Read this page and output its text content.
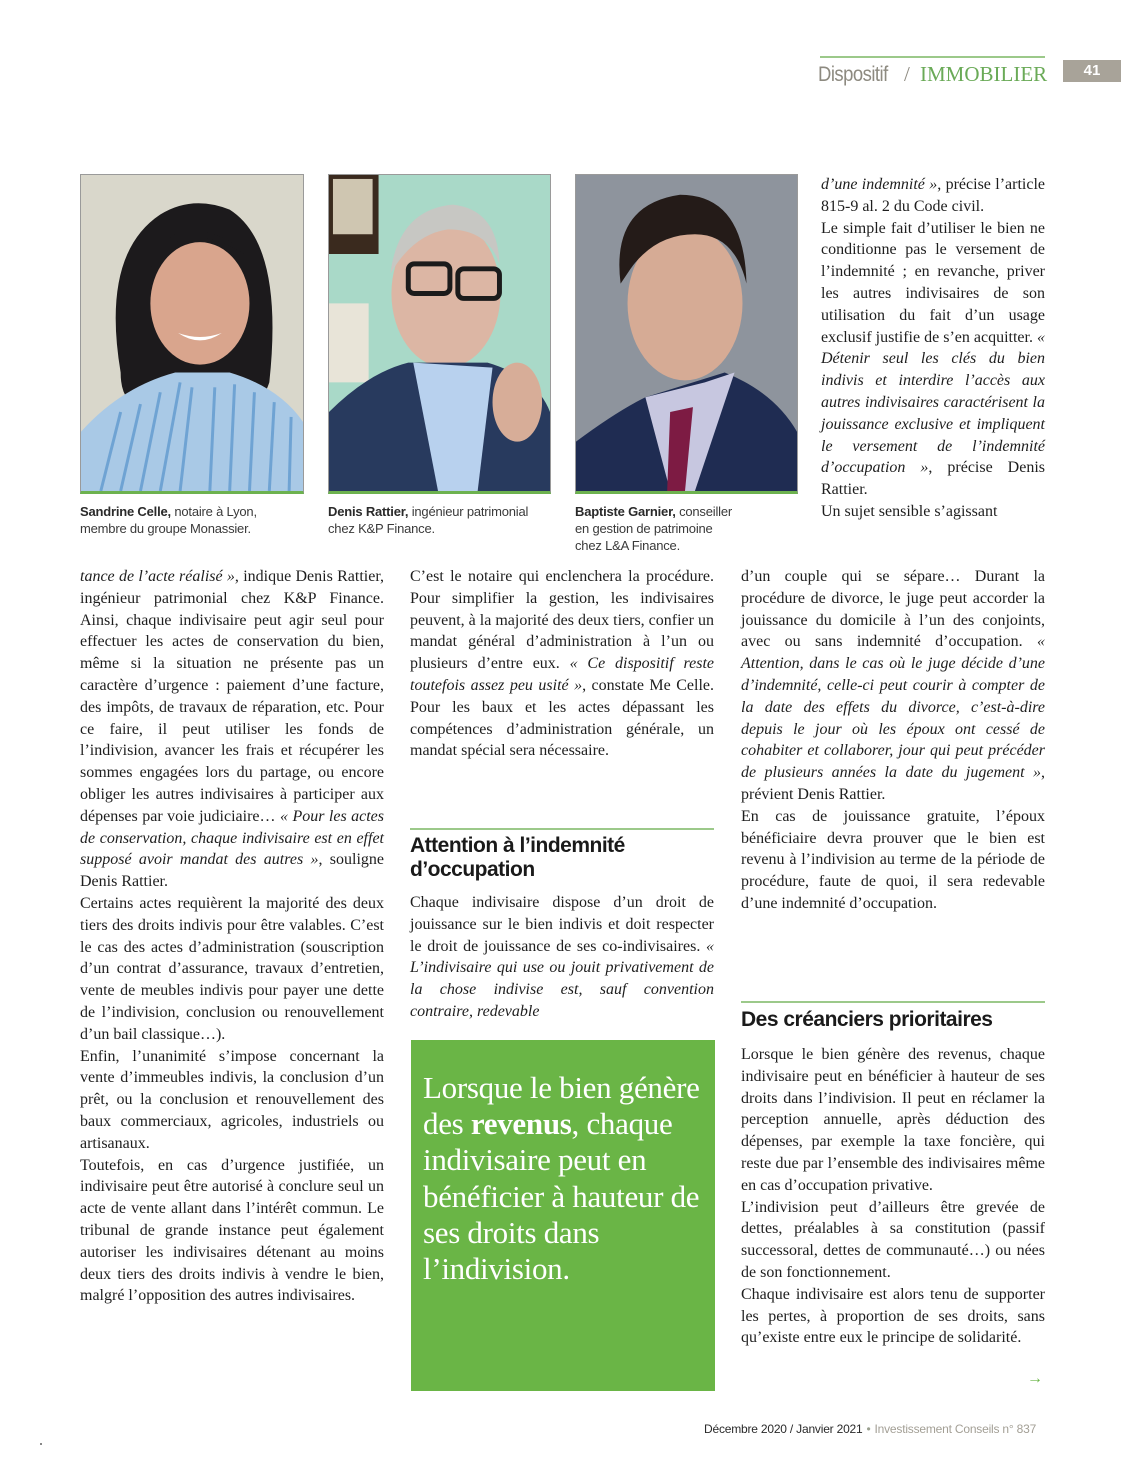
Dispositif / IMMOBILIER	41
Sandrine Celle, notaire à Lyon,
membre du groupe Monassier.
Denis Rattier, ingénieur patrimonial
chez K&P Finance.
Baptiste Garnier, conseiller
en gestion de patrimoine
chez L&A Finance.

tance de l’acte réalisé », indique Denis Rattier, ingénieur patrimonial chez K&P Finance. Ainsi, chaque indivisaire peut agir seul pour effectuer les actes de conservation du bien, même si la situation ne présente pas un caractère d’urgence : paiement d’une facture, des impôts, de travaux de réparation, etc. Pour ce faire, il peut utiliser les fonds de l’indivision, avancer les frais et récupérer les sommes engagées lors du partage, ou encore obliger les autres indivisaires à participer aux dépenses par voie judiciaire… « Pour les actes de conservation, chaque indivisaire est en effet supposé avoir mandat des autres », souligne Denis Rattier.

Certains actes requièrent la majorité des deux tiers des droits indivis pour être valables. C’est le cas des actes d’administration (souscription d’un contrat d’assurance, travaux d’entretien, vente de meubles indivis pour payer une dette de l’indivision, conclusion ou renouvellement d’un bail classique…).

Enfin, l’unanimité s’impose concernant la vente d’immeubles indivis, la conclusion d’un prêt, ou la conclusion et renouvellement des baux commerciaux, agricoles, industriels ou artisanaux.

Toutefois, en cas d’urgence justifiée, un indivisaire peut être autorisé à conclure seul un acte de vente allant dans l’intérêt commun. Le tribunal de grande instance peut également autoriser les indivisaires détenant au moins deux tiers des droits indivis à vendre le bien, malgré l’opposition des autres indivisaires.

C’est le notaire qui enclenchera la procédure. Pour simplifier la gestion, les indivisaires peuvent, à la majorité des deux tiers, confier un mandat général d’administration à l’un ou plusieurs d’entre eux. « Ce dispositif reste toutefois assez peu usité », constate Me Celle. Pour les baux et les actes dépassant les compétences d’administration générale, un mandat spécial sera nécessaire.

Attention à l’indemnité
d’occupation

Chaque indivisaire dispose d’un droit de jouissance sur le bien indivis et doit respecter le droit de jouissance de ses co-indivisaires. « L’indivisaire qui use ou jouit privativement de la chose indivise est, sauf convention contraire, redevable

Lorsque le bien génère des revenus, chaque indivisaire peut en bénéficier à hauteur de ses droits dans l’indivision.

d’une indemnité », précise l’article 815-9 al. 2 du Code civil.

Le simple fait d’utiliser le bien ne conditionne pas le versement de l’indemnité ; en revanche, priver les autres indivisaires de son utilisation du fait d’un usage exclusif justifie de s’en acquitter. « Détenir seul les clés du bien indivis et interdire l’accès aux autres indivisaires caractérisent la jouissance exclusive et impliquent le versement de l’indemnité d’occupation », précise Denis Rattier.

Un sujet sensible s’agissant

d’un couple qui se sépare… Durant la procédure de divorce, le juge peut accorder la jouissance du domicile à l’un des conjoints, avec ou sans indemnité d’occupation. « Attention, dans le cas où le juge décide d’une d’indemnité, celle-ci peut courir à compter de la date des effets du divorce, c’est-à-dire depuis le jour où les époux ont cessé de cohabiter et collaborer, jour qui peut précéder de plusieurs années la date du jugement », prévient Denis Rattier.

En cas de jouissance gratuite, l’époux bénéficiaire devra prouver que le bien est revenu à l’indivision au terme de la période de procédure, faute de quoi, il sera redevable d’une indemnité d’occupation.

Des créanciers prioritaires

Lorsque le bien génère des revenus, chaque indivisaire peut en bénéficier à hauteur de ses droits dans l’indivision. Il peut en réclamer la perception annuelle, après déduction des dépenses, par exemple la taxe foncière, qui reste due par l’ensemble des indivisaires même en cas d’occupation privative.

L’indivision peut d’ailleurs être grevée de dettes, préalables à sa constitution (passif successoral, dettes de communauté…) ou nées de son fonctionnement.

Chaque indivisaire est alors tenu de supporter les pertes, à proportion de ses droits, sans qu’existe entre eux le principe de solidarité.

→
Décembre 2020 / Janvier 2021 • Investissement Conseils n° 837
